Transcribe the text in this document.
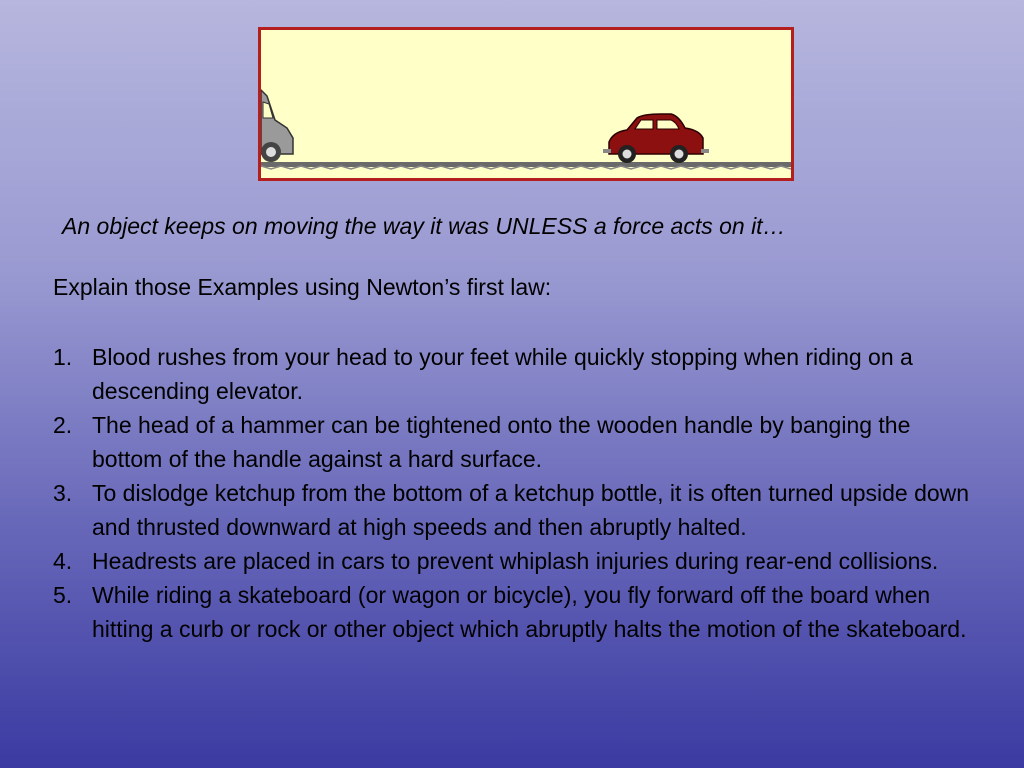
An object keeps on moving the way it was UNLESS a force acts on it…
Explain those Examples using Newton’s first law:
1. Blood rushes from your head to your feet while quickly stopping when riding on a descending elevator.
2. The head of a hammer can be tightened onto the wooden handle by banging the bottom of the handle against a hard surface.
3. To dislodge ketchup from the bottom of a ketchup bottle, it is often turned upside down and thrusted downward at high speeds and then abruptly halted.
4. Headrests are placed in cars to prevent whiplash injuries during rear-end collisions.
5. While riding a skateboard (or wagon or bicycle), you fly forward off the board when hitting a curb or rock or other object which abruptly halts the motion of the skateboard.
